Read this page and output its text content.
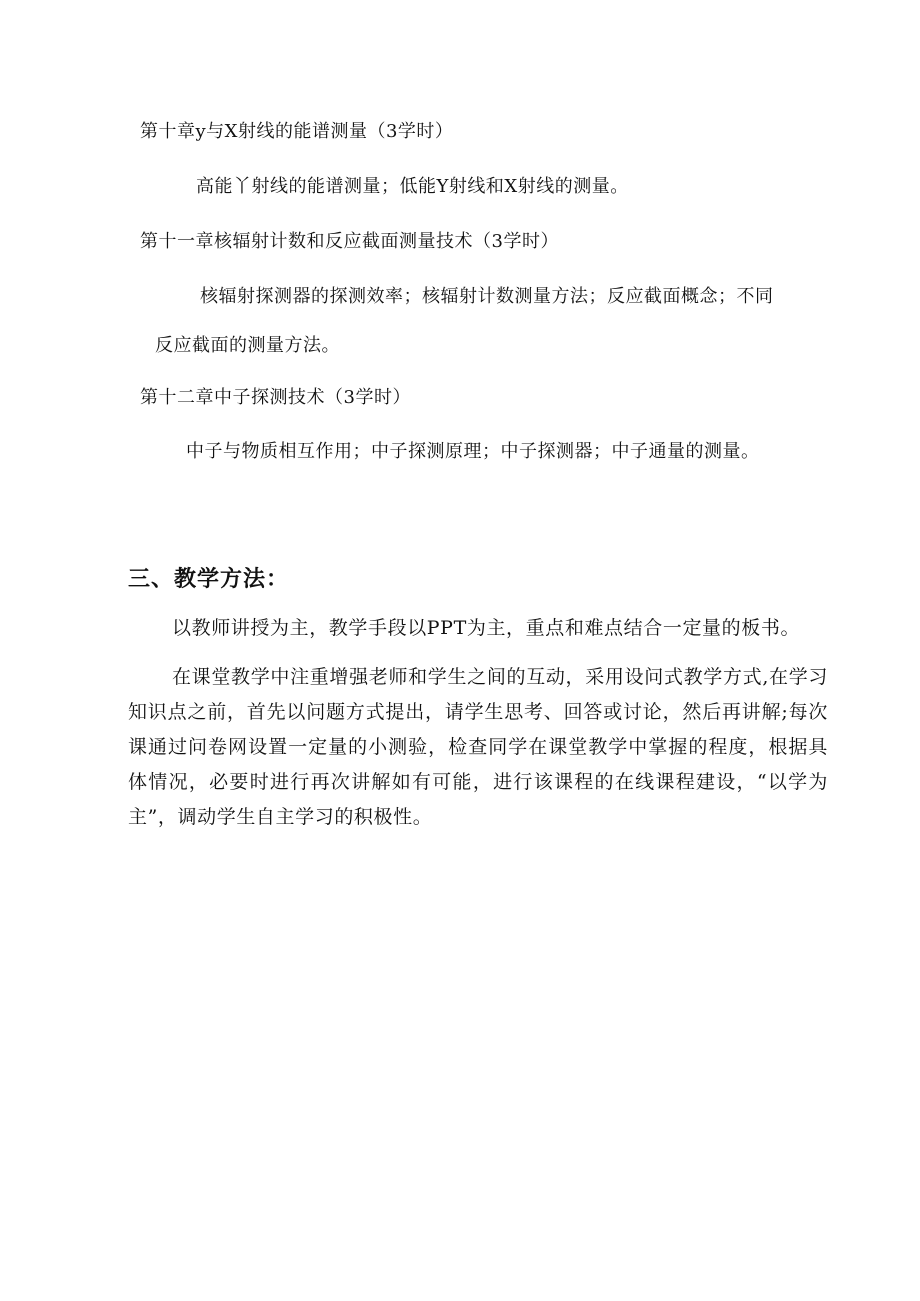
第十章y与X射线的能谱测量（3学时）
高能丫射线的能谱测量；低能Y射线和X射线的测量。
第十一章核辐射计数和反应截面测量技术（3学时）
核辐射探测器的探测效率；核辐射计数测量方法；反应截面概念；不同
反应截面的测量方法。
第十二章中子探测技术（3学时）
中子与物质相互作用；中子探测原理；中子探测器；中子通量的测量。
三、教学方法：
以教师讲授为主，教学手段以PPT为主，重点和难点结合一定量的板书。
在课堂教学中注重增强老师和学生之间的互动，采用设问式教学方式,在学习知识点之前，首先以问题方式提出，请学生思考、回答或讨论，然后再讲解;每次课通过问卷网设置一定量的小测验，检查同学在课堂教学中掌握的程度，根据具体情况，必要时进行再次讲解如有可能，进行该课程的在线课程建设，“以学为主”，调动学生自主学习的积极性。
